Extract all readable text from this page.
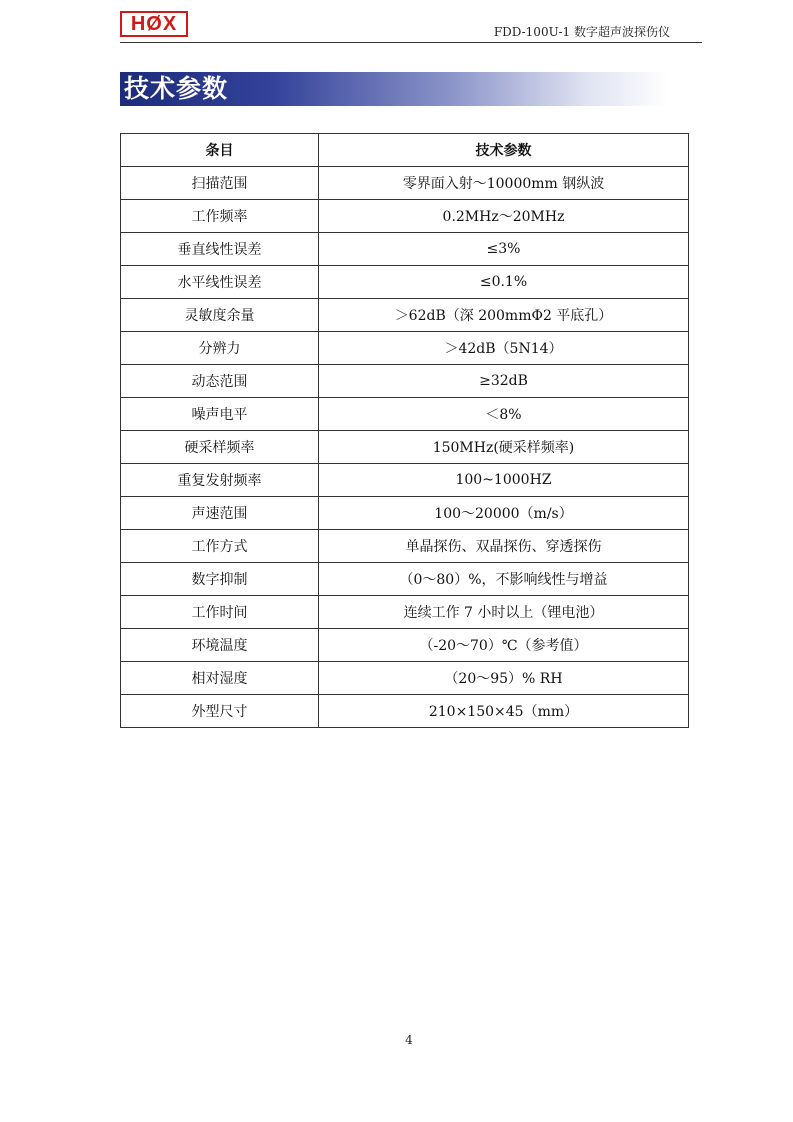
HØX	FDD-100U-1 数字超声波探伤仪
技术参数
条目	技术参数
扫描范围	零界面入射～10000mm 钢纵波
工作频率	0.2MHz～20MHz
垂直线性误差	≤3%
水平线性误差	≤0.1%
灵敏度余量	＞62dB（深 200mmΦ2 平底孔）
分辨力	＞42dB（5N14）
动态范围	≥32dB
噪声电平	＜8%
硬采样频率	150MHz(硬采样频率)
重复发射频率	100~1000HZ
声速范围	100～20000（m/s）
工作方式	单晶探伤、双晶探伤、穿透探伤
数字抑制	（0～80）%，不影响线性与增益
工作时间	连续工作 7 小时以上（锂电池）
环境温度	（-20～70）℃（参考值）
相对湿度	（20～95）% RH
外型尺寸	210×150×45（mm）
4
